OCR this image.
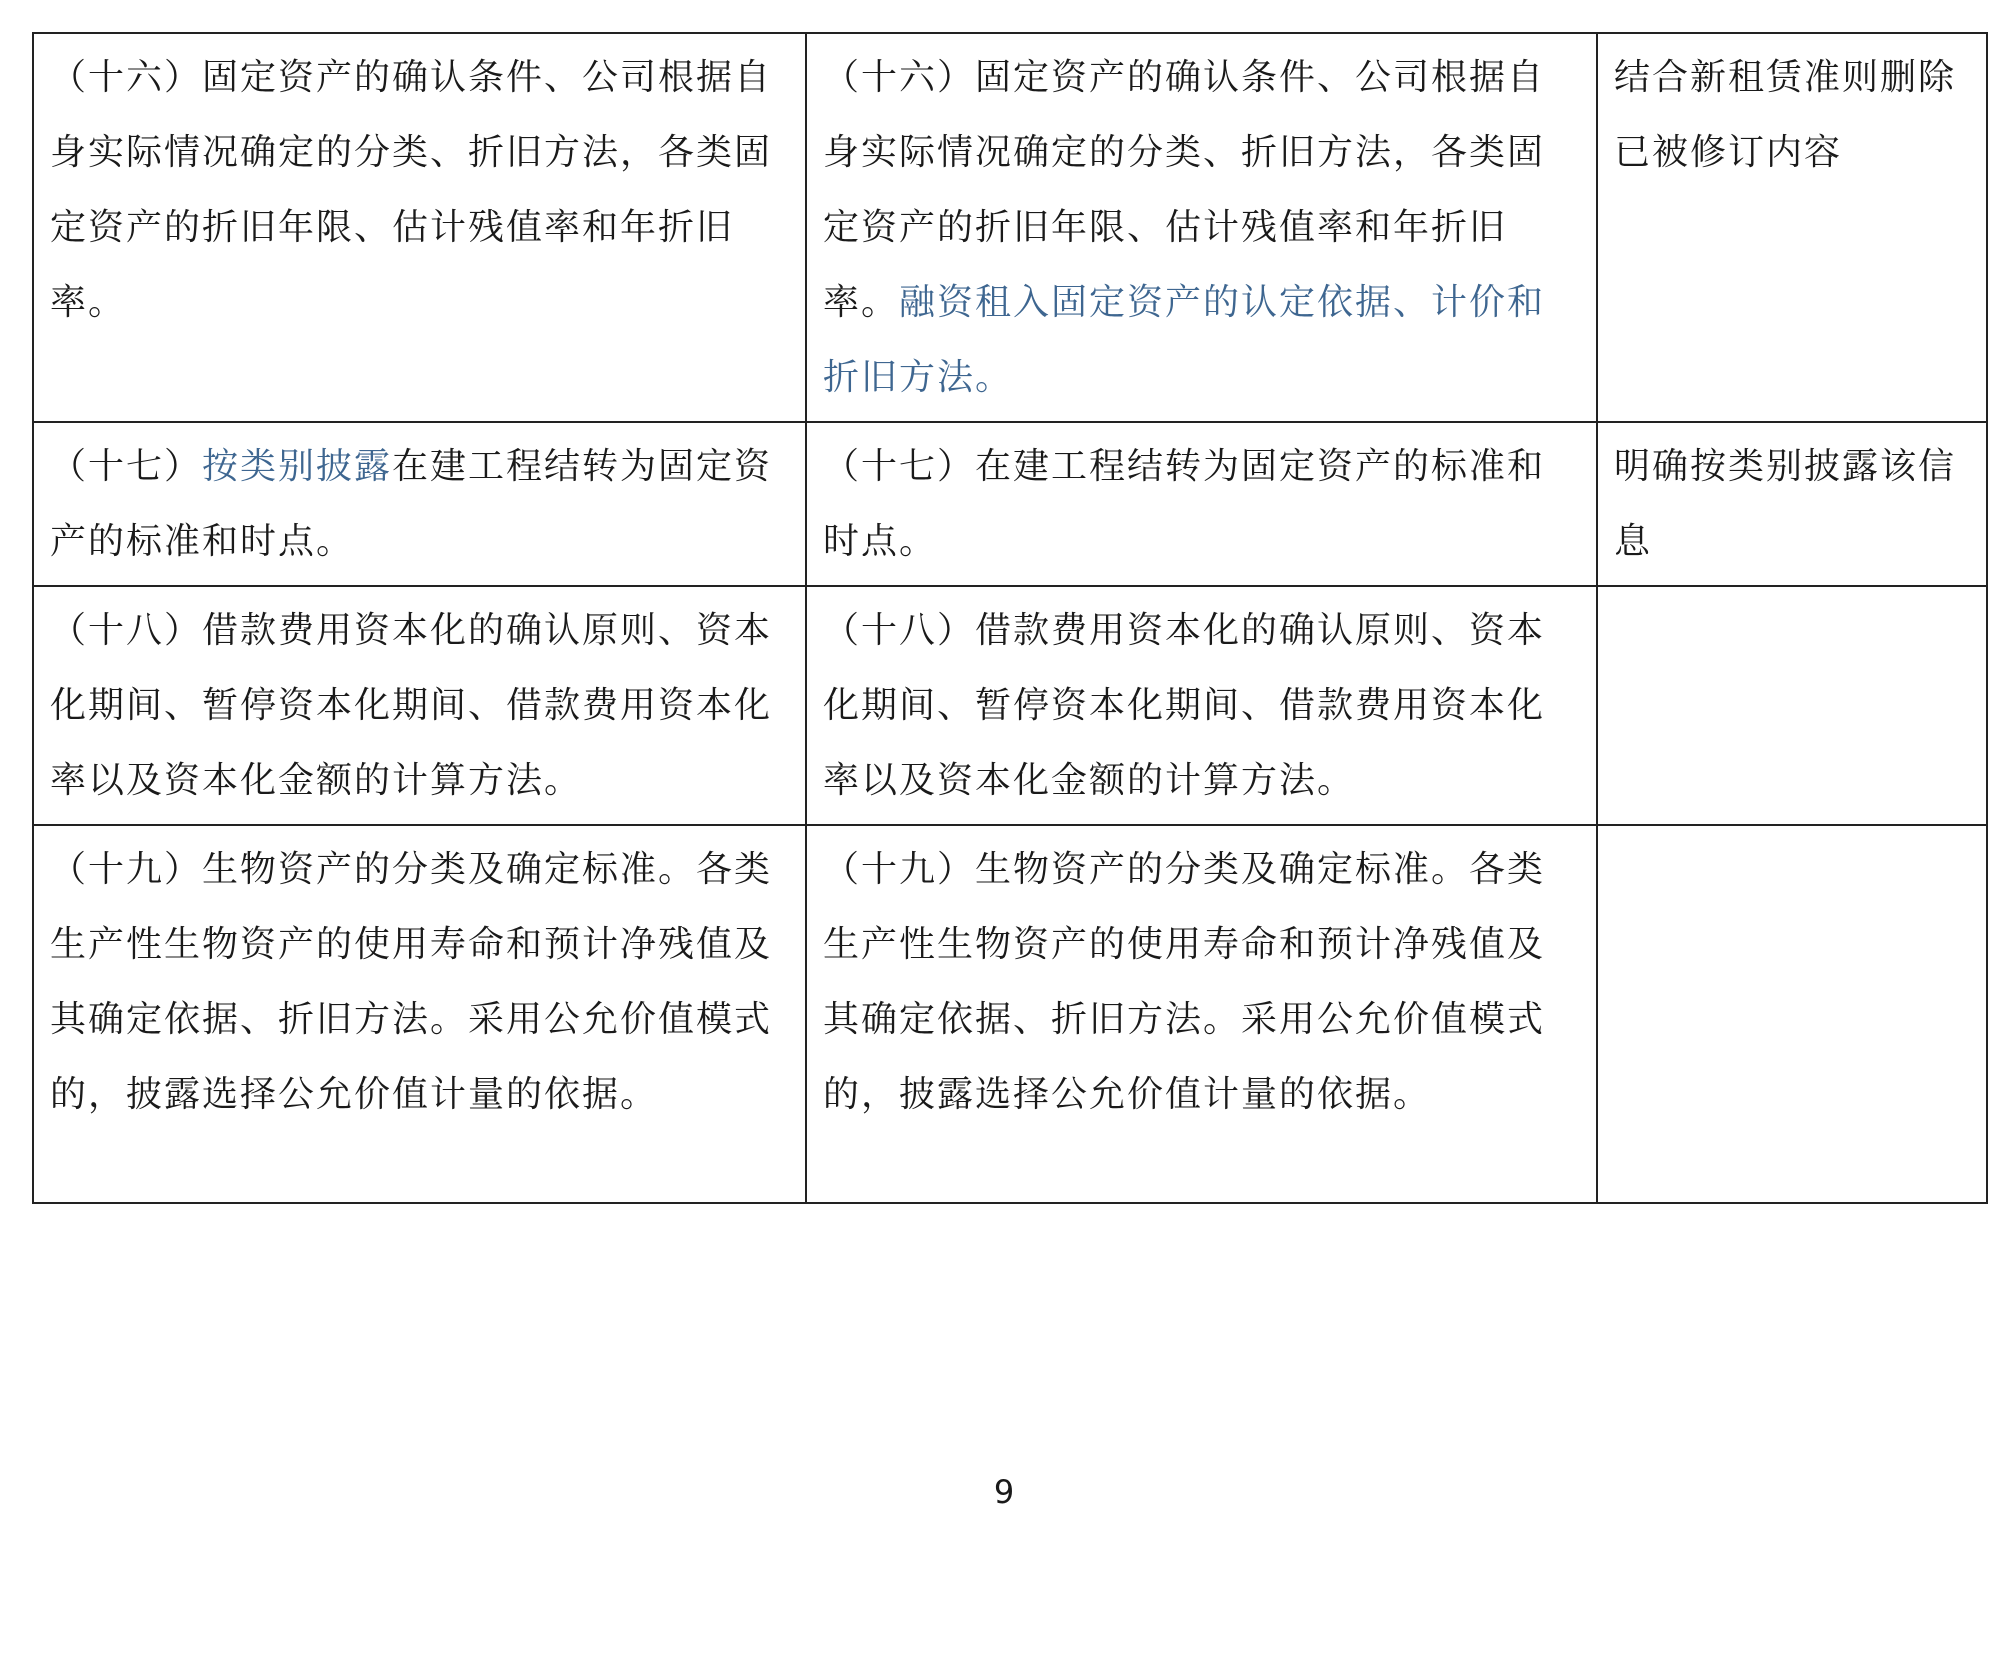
（十六）固定资产的确认条件、公司根据自身实际情况确定的分类、折旧方法，各类固定资产的折旧年限、估计残值率和年折旧率。	（十六）固定资产的确认条件、公司根据自身实际情况确定的分类、折旧方法，各类固定资产的折旧年限、估计残值率和年折旧率。融资租入固定资产的认定依据、计价和折旧方法。	结合新租赁准则删除已被修订内容
（十七）按类别披露在建工程结转为固定资产的标准和时点。	（十七）在建工程结转为固定资产的标准和时点。	明确按类别披露该信息
（十八）借款费用资本化的确认原则、资本化期间、暂停资本化期间、借款费用资本化率以及资本化金额的计算方法。	（十八）借款费用资本化的确认原则、资本化期间、暂停资本化期间、借款费用资本化率以及资本化金额的计算方法。	
（十九）生物资产的分类及确定标准。各类生产性生物资产的使用寿命和预计净残值及其确定依据、折旧方法。采用公允价值模式的，披露选择公允价值计量的依据。	（十九）生物资产的分类及确定标准。各类生产性生物资产的使用寿命和预计净残值及其确定依据、折旧方法。采用公允价值模式的，披露选择公允价值计量的依据。	
9
